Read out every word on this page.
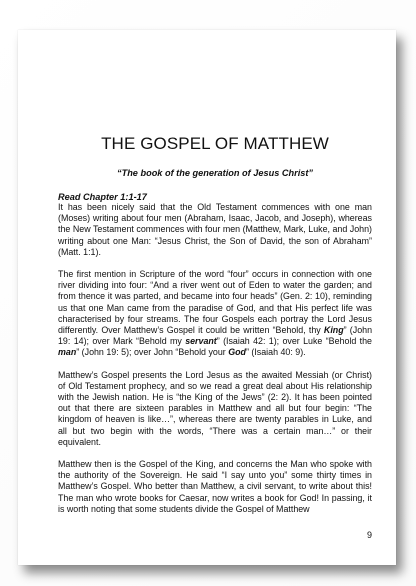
THE GOSPEL OF MATTHEW

“The book of the generation of Jesus Christ”

Read Chapter 1:1-17

It has been nicely said that the Old Testament commences with one man (Moses) writing about four men (Abraham, Isaac, Jacob, and Joseph), whereas the New Testament commences with four men (Matthew, Mark, Luke, and John) writing about one Man: “Jesus Christ, the Son of David, the son of Abraham” (Matt. 1:1).

The first mention in Scripture of the word “four” occurs in connection with one river dividing into four: “And a river went out of Eden to water the garden; and from thence it was parted, and became into four heads” (Gen. 2: 10), reminding us that one Man came from the paradise of God, and that His perfect life was characterised by four streams. The four Gospels each portray the Lord Jesus differently. Over Matthew’s Gospel it could be written “Behold, thy King” (John 19: 14); over Mark “Behold my servant” (Isaiah 42: 1); over Luke “Behold the man” (John 19: 5); over John “Behold your God” (Isaiah 40: 9).

Matthew’s Gospel presents the Lord Jesus as the awaited Messiah (or Christ) of Old Testament prophecy, and so we read a great deal about His relationship with the Jewish nation. He is “the King of the Jews” (2: 2). It has been pointed out that there are sixteen parables in Matthew and all but four begin: “The kingdom of heaven is like…”, whereas there are twenty parables in Luke, and all but two begin with the words, “There was a certain man…” or their equivalent.

Matthew then is the Gospel of the King, and concerns the Man who spoke with the authority of the Sovereign. He said “I say unto you” some thirty times in Matthew’s Gospel. Who better than Matthew, a civil servant, to write about this! The man who wrote books for Caesar, now writes a book for God! In passing, it is worth noting that some students divide the Gospel of Matthew

9
